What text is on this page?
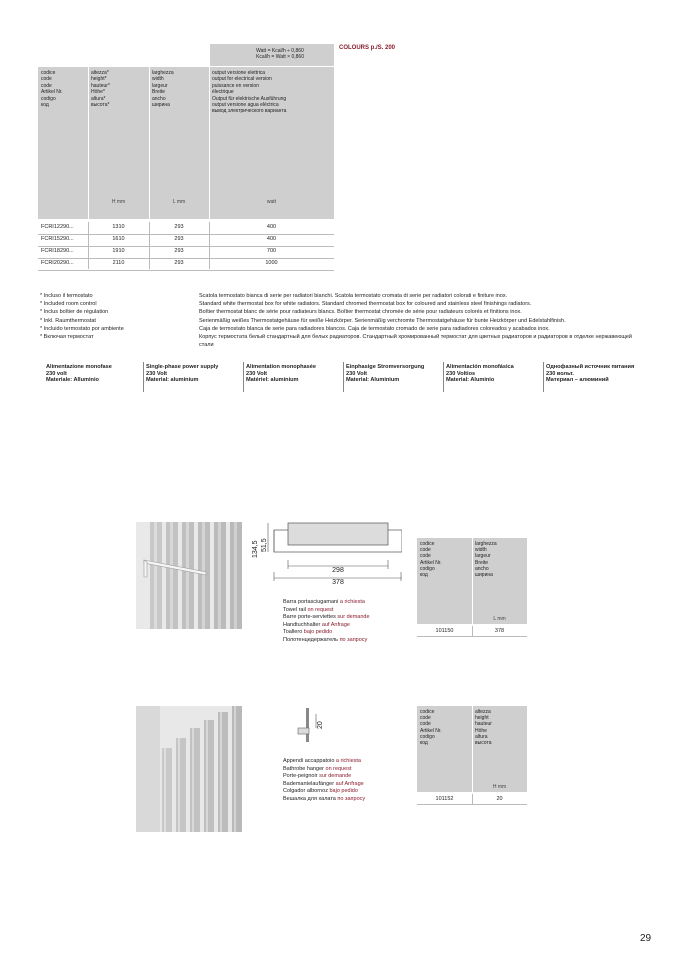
Watt = Kcal/h ÷ 0,860
Kcal/h = Watt × 0,860
COLOURS p./S. 200
codice
code
code
Artikel Nr.
codigo
код
altezza*
height*
hauteur*
Höhe*
altura*
высота*
larghezza
width
largeur
Breite
ancho
ширина
output versione elettrica
output for electrical version
puissance en version
électrique
Output für elektrische Ausführung
output versione agua eléctrica
вывод электрического варианта
H mm	L mm	watt
FCRI12290...	1310	293	400
FCRI15290...	1610	293	400
FCRI18290...	1910	293	700
FCRI20290...	2110	293	1000
* Incluso il termostato
* Included room control
* Inclus boîtier de régulation
* Inkl. Raumthermostat
* Incluido termostato por ambiente
* Включая термостат
Scatola termostato bianca di serie per radiatori bianchi. Scatola termostato cromata di serie per radiatori colorati e finiture inox.
Standard white thermostat box for white radiators. Standard chromed thermostat box for coloured and stainless steel finishings radiators.
Boîtier thermostat blanc de série pour radiateurs blancs. Boîtier thermostat chromée de série pour radiateurs colorés et finitions inox.
Serienmäßig weißes Thermostatgehäuse für weiße Heizkörper. Serienmäßig verchromte Thermostatgehäuse für bunte Heizkörper und Edelstahlfinish.
Caja de termostato blanca de serie para radiadores blancos. Caja de termostato cromado de serie para radiadores coloreados y acabados inox.
Корпус термостата белый стандартный для белых радиаторов. Стандартный хромированный термостат для цветных радиаторов и радиаторов в отделке нержавеющей стали
Alimentazione monofase
230 volt
Materiale: Alluminio
Single-phase power supply
230 Volt
Material: aluminium
Alimentation monophasée
230 Volt
Matériel: aluminium
Einphasige Stromversorgung
230 Volt
Material: Aluminium
Alimentación monofásica
230 Voltios
Material: Aluminio
Однофазный источник питания
230 вольт.
Материал – алюминий
134,5 51,5
298
378
Barra portasciugamani a richiesta
Towel rail on request
Barre porte-serviettes sur demande
Handtuchhalter auf Anfrage
Toallero bajo pedido
Полотенцедержатель по запросу
codice
code
code
Artikel Nr.
codigo
код
larghezza
width
largeur
Breite
ancho
ширина
L mm
101150	378
20
Appendi accappatoio a richiesta
Bathrobe hanger on request
Porte-peignoir sur demande
Bademantelaufänger auf Anfrage
Colgador albornoz bajo pedido
Вешалка для халата по запросу
codice
code
code
Artikel Nr.
codigo
код
altezza
height
hauteur
Höhe
altura
высота
H mm
101152	20
29
